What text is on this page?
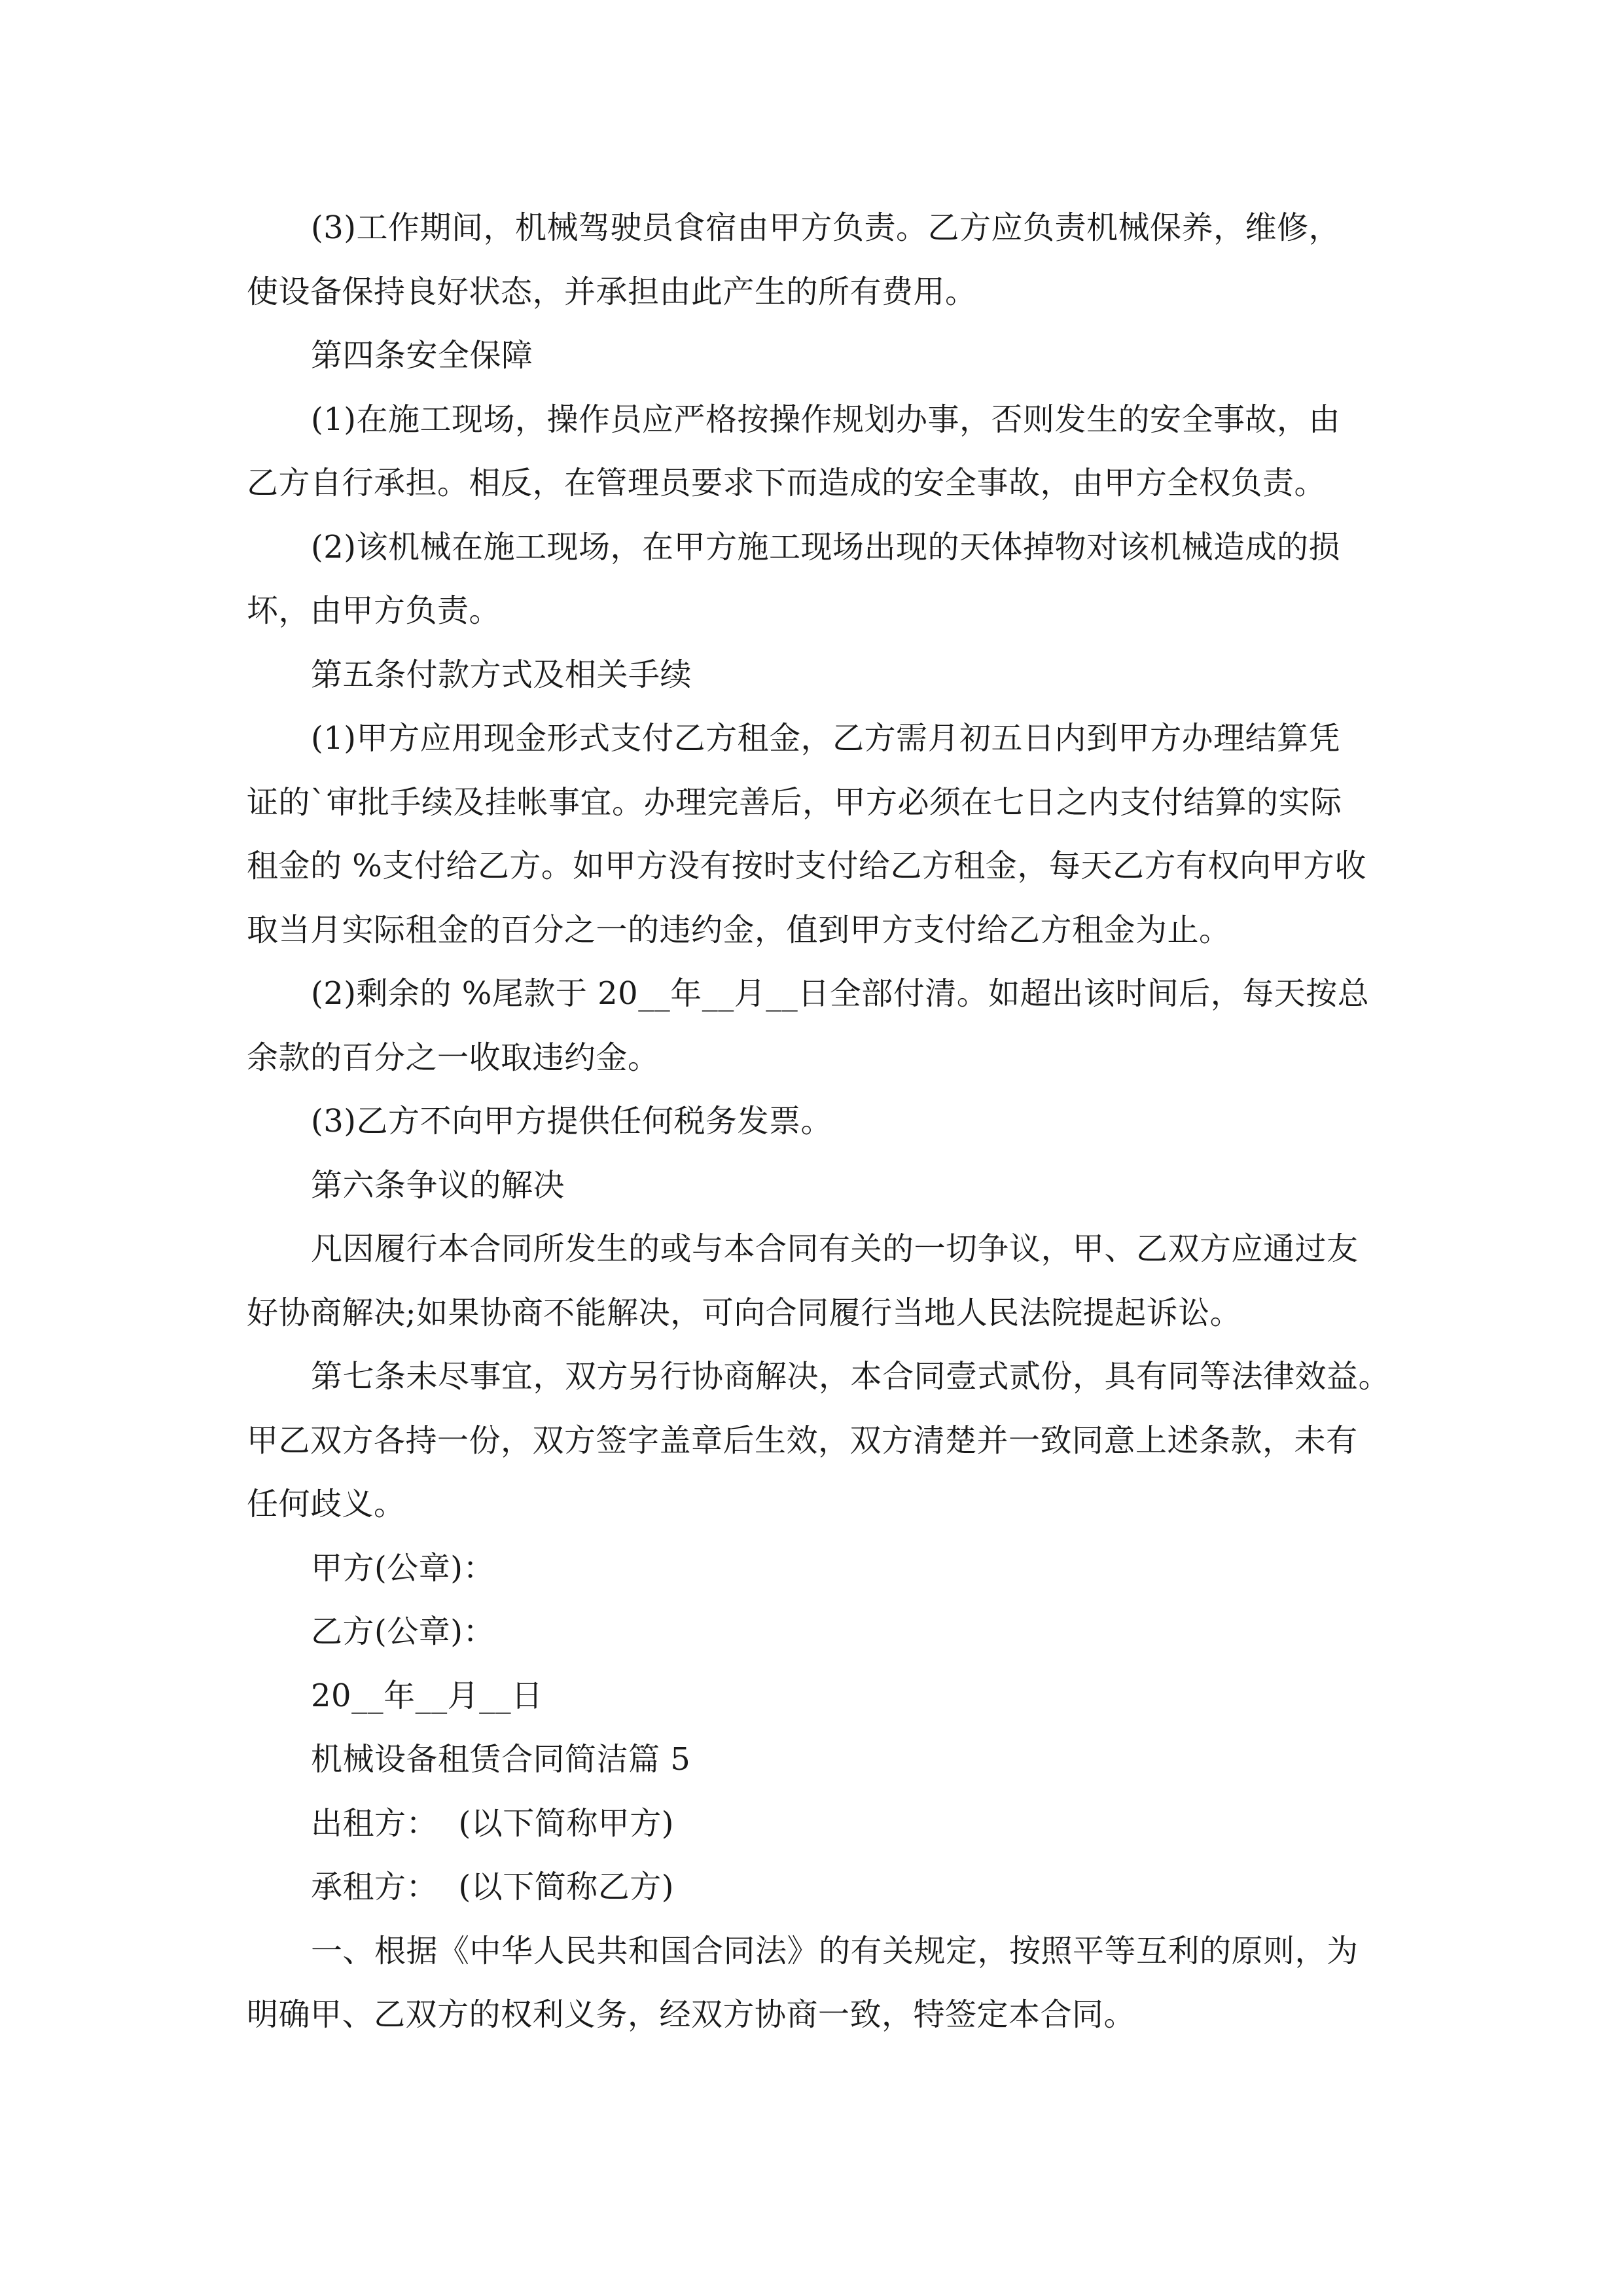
(3)工作期间，机械驾驶员食宿由甲方负责。乙方应负责机械保养，维修，
使设备保持良好状态，并承担由此产生的所有费用。
第四条安全保障
(1)在施工现场，操作员应严格按操作规划办事，否则发生的安全事故，由
乙方自行承担。相反，在管理员要求下而造成的安全事故，由甲方全权负责。
(2)该机械在施工现场，在甲方施工现场出现的天体掉物对该机械造成的损
坏，由甲方负责。
第五条付款方式及相关手续
(1)甲方应用现金形式支付乙方租金，乙方需月初五日内到甲方办理结算凭
证的`审批手续及挂帐事宜。办理完善后，甲方必须在七日之内支付结算的实际
租金的 %支付给乙方。如甲方没有按时支付给乙方租金，每天乙方有权向甲方收
取当月实际租金的百分之一的违约金，值到甲方支付给乙方租金为止。
(2)剩余的 %尾款于 20__年__月__日全部付清。如超出该时间后，每天按总
余款的百分之一收取违约金。
(3)乙方不向甲方提供任何税务发票。
第六条争议的解决
凡因履行本合同所发生的或与本合同有关的一切争议，甲、乙双方应通过友
好协商解决;如果协商不能解决，可向合同履行当地人民法院提起诉讼。
第七条未尽事宜，双方另行协商解决，本合同壹式贰份，具有同等法律效益。
甲乙双方各持一份，双方签字盖章后生效，双方清楚并一致同意上述条款，未有
任何歧义。
甲方(公章)：
乙方(公章)：
20__年__月__日
机械设备租赁合同简洁篇 5
出租方：  (以下简称甲方)
承租方：  (以下简称乙方)
一、根据《中华人民共和国合同法》的有关规定，按照平等互利的原则，为
明确甲、乙双方的权利义务，经双方协商一致，特签定本合同。
